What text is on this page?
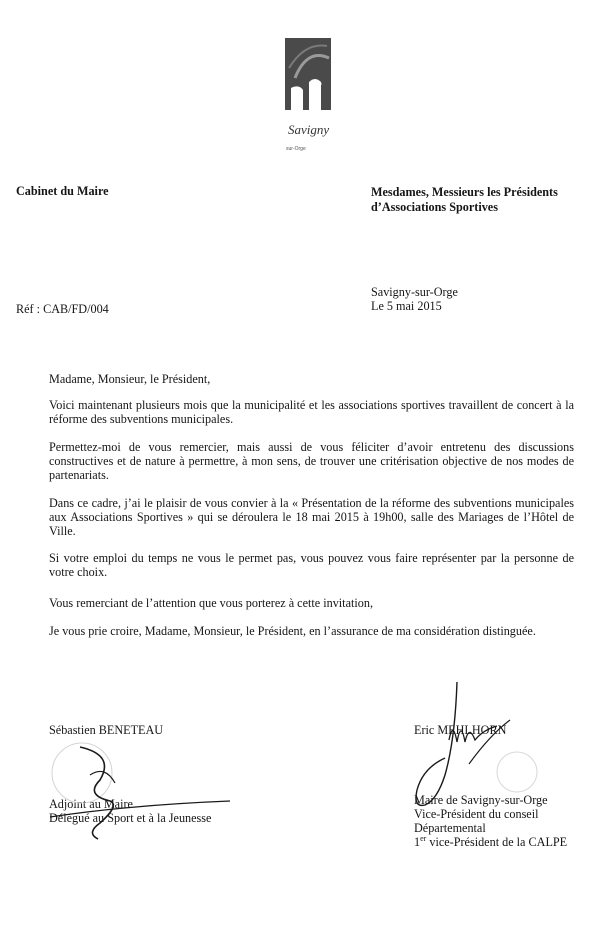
Savigny
sur-Orge
Cabinet du Maire	Mesdames, Messieurs les Présidents
d’Associations Sportives
Savigny-sur-Orge
Le 5 mai 2015
Réf : CAB/FD/004
Madame, Monsieur, le Président,

Voici maintenant plusieurs mois que la municipalité et les associations sportives travaillent de concert à la réforme des subventions municipales.

Permettez-moi de vous remercier, mais aussi de vous féliciter d’avoir entretenu des discussions constructives et de nature à permettre, à mon sens, de trouver une critérisation objective de nos modes de partenariats.

Dans ce cadre, j’ai le plaisir de vous convier à la « Présentation de la réforme des subventions municipales aux Associations Sportives » qui se déroulera le 18 mai 2015 à 19h00, salle des Mariages de l’Hôtel de Ville.

Si votre emploi du temps ne vous le permet pas, vous pouvez vous faire représenter par la personne de votre choix.

Vous remerciant de l’attention que vous porterez à cette invitation,

Je vous prie croire, Madame, Monsieur, le Président, en l’assurance de ma considération distinguée.

Sébastien BENETEAU
Adjoint au Maire
Délégué au Sport et à la Jeunesse
Eric MEHLHORN
Maire de Savigny-sur-Orge
Vice-Président du conseil
Départemental
1er vice-Président de la CALPE
